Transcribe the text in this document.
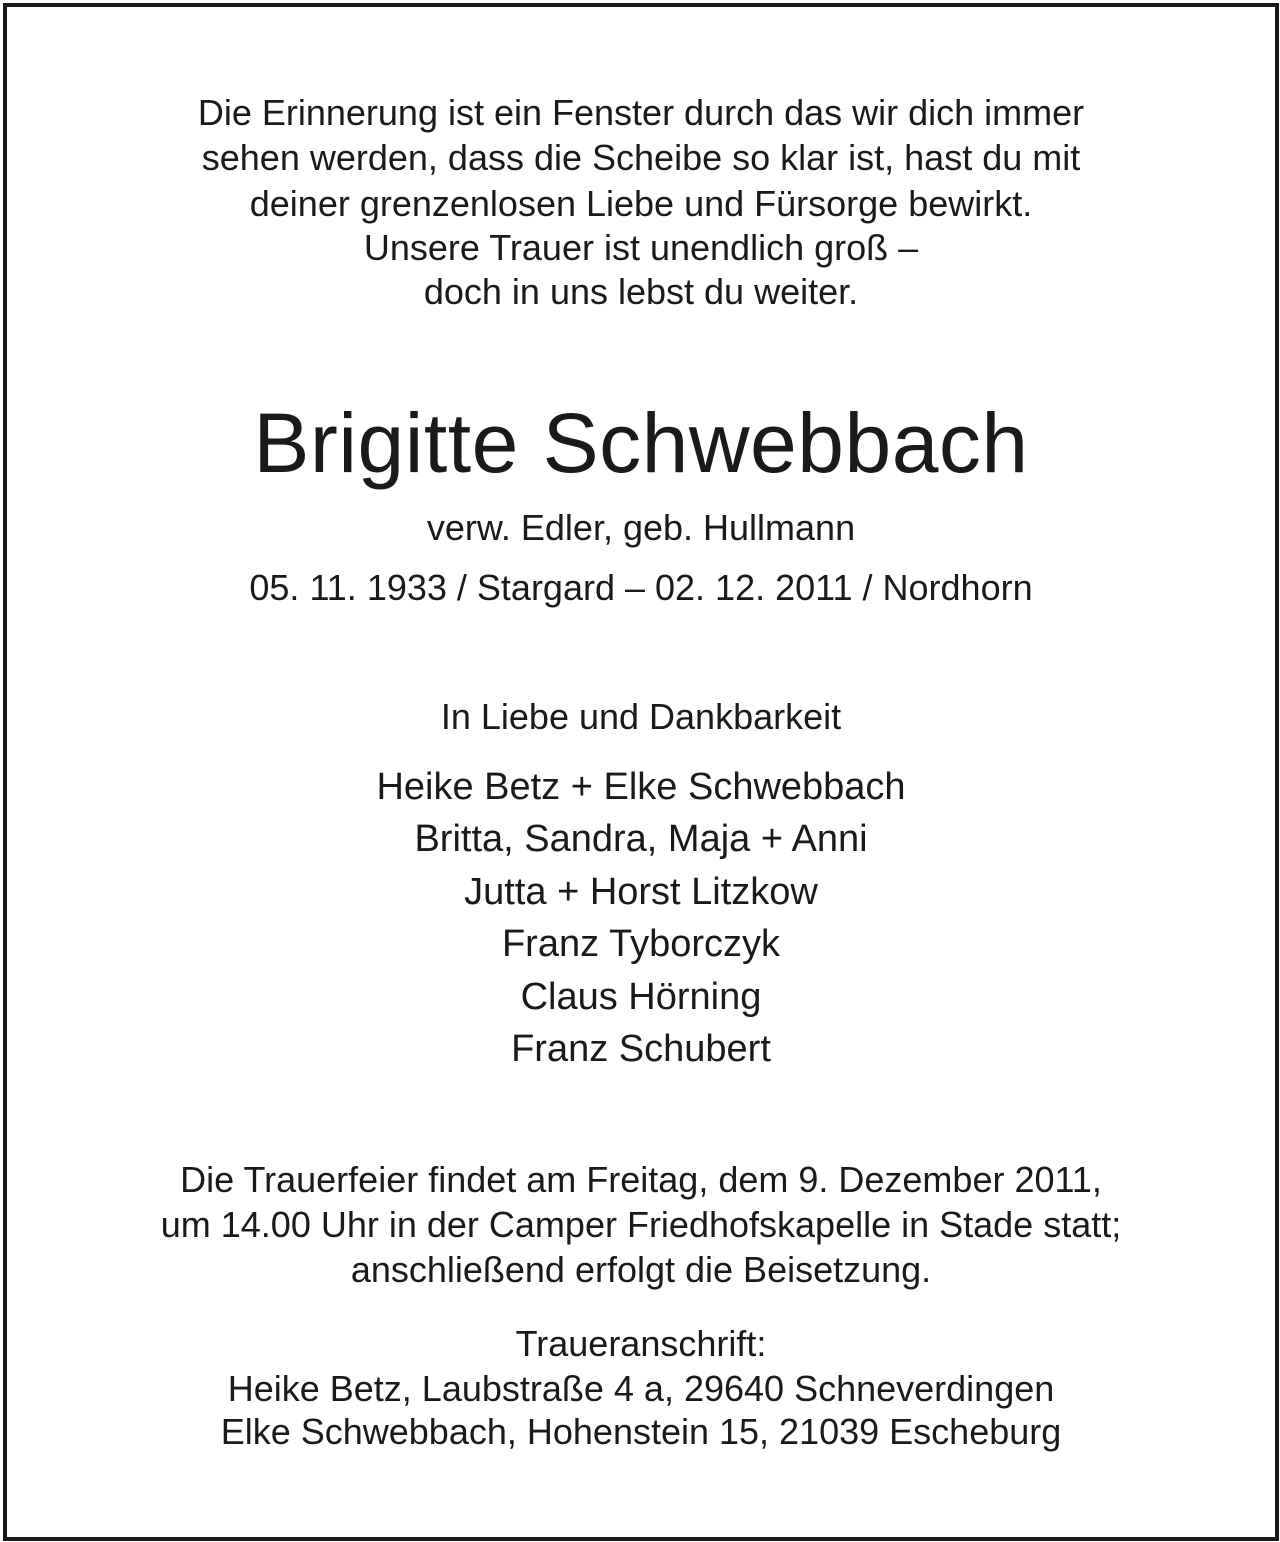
Die Erinnerung ist ein Fenster durch das wir dich immer
sehen werden, dass die Scheibe so klar ist, hast du mit
deiner grenzenlosen Liebe und Fürsorge bewirkt.
Unsere Trauer ist unendlich groß –
doch in uns lebst du weiter.
Brigitte Schwebbach
verw. Edler, geb. Hullmann
05. 11. 1933 / Stargard – 02. 12. 2011 / Nordhorn
In Liebe und Dankbarkeit
Heike Betz + Elke Schwebbach
Britta, Sandra, Maja + Anni
Jutta + Horst Litzkow
Franz Tyborczyk
Claus Hörning
Franz Schubert
Die Trauerfeier findet am Freitag, dem 9. Dezember 2011,
um 14.00 Uhr in der Camper Friedhofskapelle in Stade statt;
anschließend erfolgt die Beisetzung.
Traueranschrift:
Heike Betz, Laubstraße 4 a, 29640 Schneverdingen
Elke Schwebbach, Hohenstein 15, 21039 Escheburg
